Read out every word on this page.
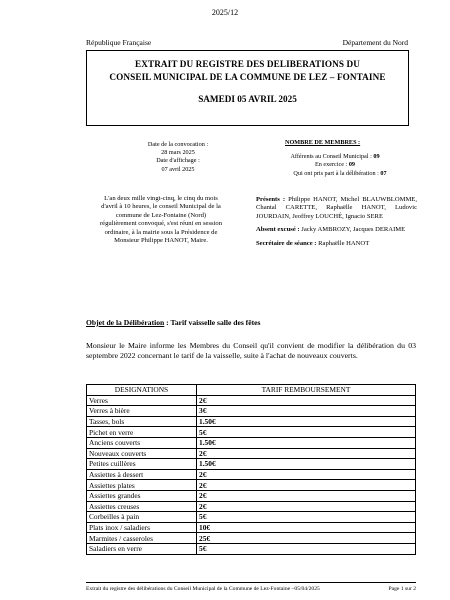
2025/12
République Française	Département du Nord
EXTRAIT DU REGISTRE DES DELIBERATIONS DU
CONSEIL MUNICIPAL DE LA COMMUNE DE LEZ – FONTAINE
SAMEDI 05 AVRIL 2025
Date de la convocation :
28 mars 2025
Date d'affichage :
07 avril 2025
NOMBRE DE MEMBRES :
Afférents au Conseil Municipal : 09
En exercice : 09
Qui ont pris part à la délibération : 07
L'an deux mille vingt-cinq, le cinq du mois d'avril à 10 heures, le conseil Municipal de la commune de Lez-Fontaine (Nord) régulièrement convoqué, s'est réuni en session ordinaire, à la mairie sous la Présidence de Monsieur Philippe HANOT, Maire.

Présents : Philippe HANOT, Michel BLAUWBLOMME, Chantal CARETTE, Raphaëlle HANOT, Ludovic JOURDAIN, Jeoffrey LOUCHÉ, Ignacio SERE

Absent excusé : Jacky AMBROZY, Jacques DERAIME

Secrétaire de séance : Raphaëlle HANOT

Objet de la Délibération : Tarif vaisselle salle des fêtes
Monsieur le Maire informe les Membres du Conseil qu'il convient de modifier la délibération du 03 septembre 2022 concernant le tarif de la vaisselle, suite à l'achat de nouveaux couverts.
DESIGNATIONS	TARIF REMBOURSEMENT
Verres	2€
Verres à bière	3€
Tasses, bols	1.50€
Pichet en verre	5€
Anciens couverts	1.50€
Nouveaux couverts	2€
Petites cuillères	1.50€
Assiettes à dessert	2€
Assiettes plates	2€
Assiettes grandes	2€
Assiettes creuses	2€
Corbeilles à pain	5€
Plats inox / saladiers	10€
Marmites / casseroles	25€
Saladiers en verre	5€
Extrait du registre des délibérations du Conseil Municipal de la Commune de Lez-Fontaine –05/04/2025	Page 1 sur 2
